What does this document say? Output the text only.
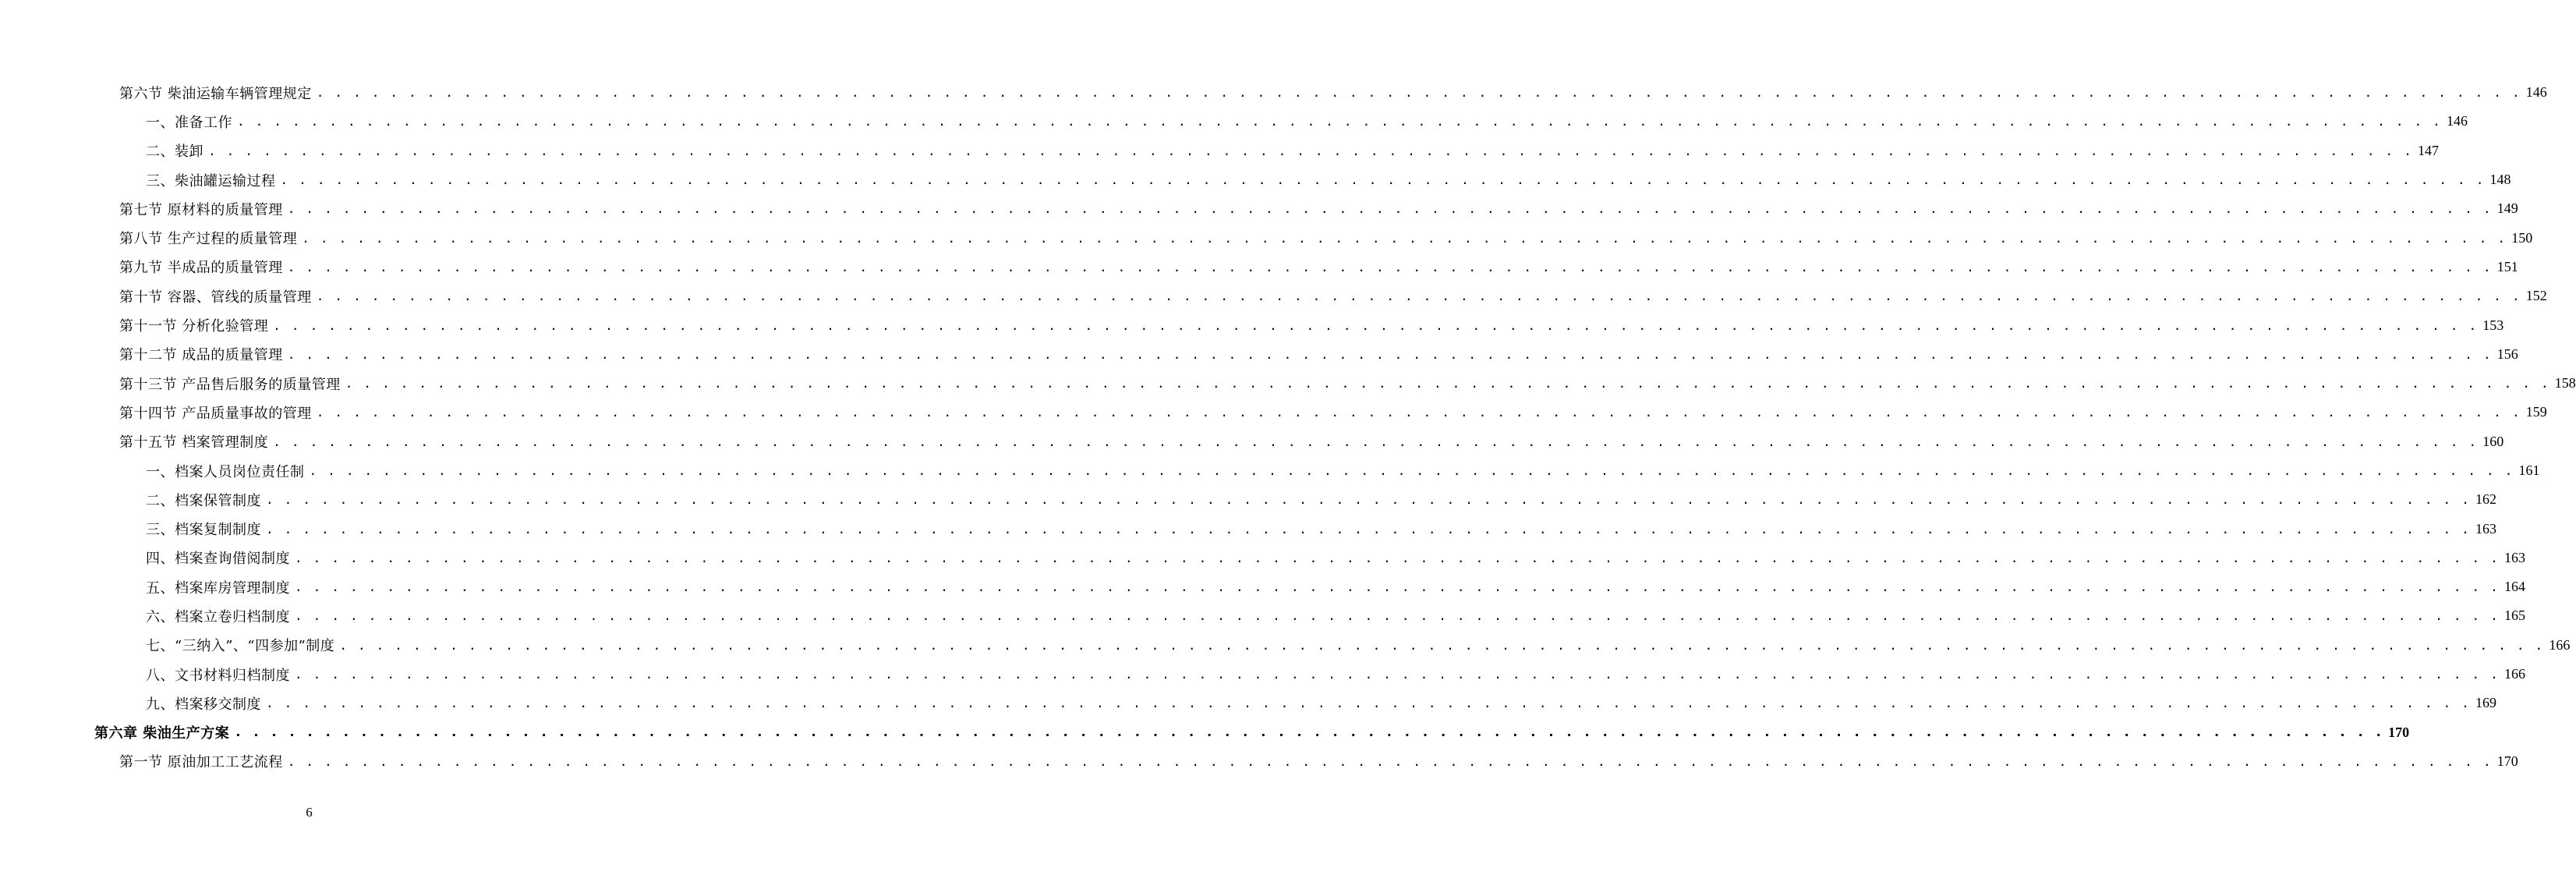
第六节 柴油运输车辆管理规定 . . . . . . . . . . . . . . . . . . . . . . . . . . . . . . . . . . . . . . . . . . . . . . . . . . . . . . . . . . . . . . . . . . . . . . . . . . . . . . . . . . . . . . . . . . . . . . . . . . . . . . . . . . . . . . . . . . . . . . . . 146
一、准备工作 . . . . . . . . . . . . . . . . . . . . . . . . . . . . . . . . . . . . . . . . . . . . . . . . . . . . . . . . . . . . . . . . . . . . . . . . . . . . . . . . . . . . . . . . . . . . . . . . . . . . . . . . . . . . . . . . . . . . . . . . 146
二、装卸 . . . . . . . . . . . . . . . . . . . . . . . . . . . . . . . . . . . . . . . . . . . . . . . . . . . . . . . . . . . . . . . . . . . . . . . . . . . . . . . . . . . . . . . . . . . . . . . . . . . . . . . . . . . . . . . . . . . . . . . . 147
三、柴油罐运输过程 . . . . . . . . . . . . . . . . . . . . . . . . . . . . . . . . . . . . . . . . . . . . . . . . . . . . . . . . . . . . . . . . . . . . . . . . . . . . . . . . . . . . . . . . . . . . . . . . . . . . . . . . . . . . . . . . . . . . . . . . 148
第七节 原材料的质量管理 . . . . . . . . . . . . . . . . . . . . . . . . . . . . . . . . . . . . . . . . . . . . . . . . . . . . . . . . . . . . . . . . . . . . . . . . . . . . . . . . . . . . . . . . . . . . . . . . . . . . . . . . . . . . . . . . . . . . . . . . 149
第八节 生产过程的质量管理 . . . . . . . . . . . . . . . . . . . . . . . . . . . . . . . . . . . . . . . . . . . . . . . . . . . . . . . . . . . . . . . . . . . . . . . . . . . . . . . . . . . . . . . . . . . . . . . . . . . . . . . . . . . . . . . . . . . . . . . . 150
第九节 半成品的质量管理 . . . . . . . . . . . . . . . . . . . . . . . . . . . . . . . . . . . . . . . . . . . . . . . . . . . . . . . . . . . . . . . . . . . . . . . . . . . . . . . . . . . . . . . . . . . . . . . . . . . . . . . . . . . . . . . . . . . . . . . . 151
第十节 容器、管线的质量管理 . . . . . . . . . . . . . . . . . . . . . . . . . . . . . . . . . . . . . . . . . . . . . . . . . . . . . . . . . . . . . . . . . . . . . . . . . . . . . . . . . . . . . . . . . . . . . . . . . . . . . . . . . . . . . . . . . . . . . . . . 152
第十一节 分析化验管理 . . . . . . . . . . . . . . . . . . . . . . . . . . . . . . . . . . . . . . . . . . . . . . . . . . . . . . . . . . . . . . . . . . . . . . . . . . . . . . . . . . . . . . . . . . . . . . . . . . . . . . . . . . . . . . . . . . . . . . . . 153
第十二节 成品的质量管理 . . . . . . . . . . . . . . . . . . . . . . . . . . . . . . . . . . . . . . . . . . . . . . . . . . . . . . . . . . . . . . . . . . . . . . . . . . . . . . . . . . . . . . . . . . . . . . . . . . . . . . . . . . . . . . . . . . . . . . . . 156
第十三节 产品售后服务的质量管理 . . . . . . . . . . . . . . . . . . . . . . . . . . . . . . . . . . . . . . . . . . . . . . . . . . . . . . . . . . . . . . . . . . . . . . . . . . . . . . . . . . . . . . . . . . . . . . . . . . . . . . . . . . . . . . . . . . . . . . . . 158
第十四节 产品质量事故的管理 . . . . . . . . . . . . . . . . . . . . . . . . . . . . . . . . . . . . . . . . . . . . . . . . . . . . . . . . . . . . . . . . . . . . . . . . . . . . . . . . . . . . . . . . . . . . . . . . . . . . . . . . . . . . . . . . . . . . . . . . 159
第十五节 档案管理制度 . . . . . . . . . . . . . . . . . . . . . . . . . . . . . . . . . . . . . . . . . . . . . . . . . . . . . . . . . . . . . . . . . . . . . . . . . . . . . . . . . . . . . . . . . . . . . . . . . . . . . . . . . . . . . . . . . . . . . . . . 160
一、档案人员岗位责任制 . . . . . . . . . . . . . . . . . . . . . . . . . . . . . . . . . . . . . . . . . . . . . . . . . . . . . . . . . . . . . . . . . . . . . . . . . . . . . . . . . . . . . . . . . . . . . . . . . . . . . . . . . . . . . . . . . . . . . . . . 161
二、档案保管制度 . . . . . . . . . . . . . . . . . . . . . . . . . . . . . . . . . . . . . . . . . . . . . . . . . . . . . . . . . . . . . . . . . . . . . . . . . . . . . . . . . . . . . . . . . . . . . . . . . . . . . . . . . . . . . . . . . . . . . . . . 162
三、档案复制制度 . . . . . . . . . . . . . . . . . . . . . . . . . . . . . . . . . . . . . . . . . . . . . . . . . . . . . . . . . . . . . . . . . . . . . . . . . . . . . . . . . . . . . . . . . . . . . . . . . . . . . . . . . . . . . . . . . . . . . . . . 163
四、档案查询借阅制度 . . . . . . . . . . . . . . . . . . . . . . . . . . . . . . . . . . . . . . . . . . . . . . . . . . . . . . . . . . . . . . . . . . . . . . . . . . . . . . . . . . . . . . . . . . . . . . . . . . . . . . . . . . . . . . . . . . . . . . . . 163
五、档案库房管理制度 . . . . . . . . . . . . . . . . . . . . . . . . . . . . . . . . . . . . . . . . . . . . . . . . . . . . . . . . . . . . . . . . . . . . . . . . . . . . . . . . . . . . . . . . . . . . . . . . . . . . . . . . . . . . . . . . . . . . . . . . 164
六、档案立卷归档制度 . . . . . . . . . . . . . . . . . . . . . . . . . . . . . . . . . . . . . . . . . . . . . . . . . . . . . . . . . . . . . . . . . . . . . . . . . . . . . . . . . . . . . . . . . . . . . . . . . . . . . . . . . . . . . . . . . . . . . . . . 165
七、“三纳入”、“四参加”制度 . . . . . . . . . . . . . . . . . . . . . . . . . . . . . . . . . . . . . . . . . . . . . . . . . . . . . . . . . . . . . . . . . . . . . . . . . . . . . . . . . . . . . . . . . . . . . . . . . . . . . . . . . . . . . . . . . . . . . . . . 166
八、文书材料归档制度 . . . . . . . . . . . . . . . . . . . . . . . . . . . . . . . . . . . . . . . . . . . . . . . . . . . . . . . . . . . . . . . . . . . . . . . . . . . . . . . . . . . . . . . . . . . . . . . . . . . . . . . . . . . . . . . . . . . . . . . . 166
九、档案移交制度 . . . . . . . . . . . . . . . . . . . . . . . . . . . . . . . . . . . . . . . . . . . . . . . . . . . . . . . . . . . . . . . . . . . . . . . . . . . . . . . . . . . . . . . . . . . . . . . . . . . . . . . . . . . . . . . . . . . . . . . . 169
第六章 柴油生产方案 . . . . . . . . . . . . . . . . . . . . . . . . . . . . . . . . . . . . . . . . . . . . . . . . . . . . . . . . . . . . . . . . . . . . . . . . . . . . . . . . . . . . . . . . . . . . . . . . . . . . . . . . . . . . . . . . . . . . . . . . 170
第一节 原油加工工艺流程 . . . . . . . . . . . . . . . . . . . . . . . . . . . . . . . . . . . . . . . . . . . . . . . . . . . . . . . . . . . . . . . . . . . . . . . . . . . . . . . . . . . . . . . . . . . . . . . . . . . . . . . . . . . . . . . . . . . . . . . . 170
6
